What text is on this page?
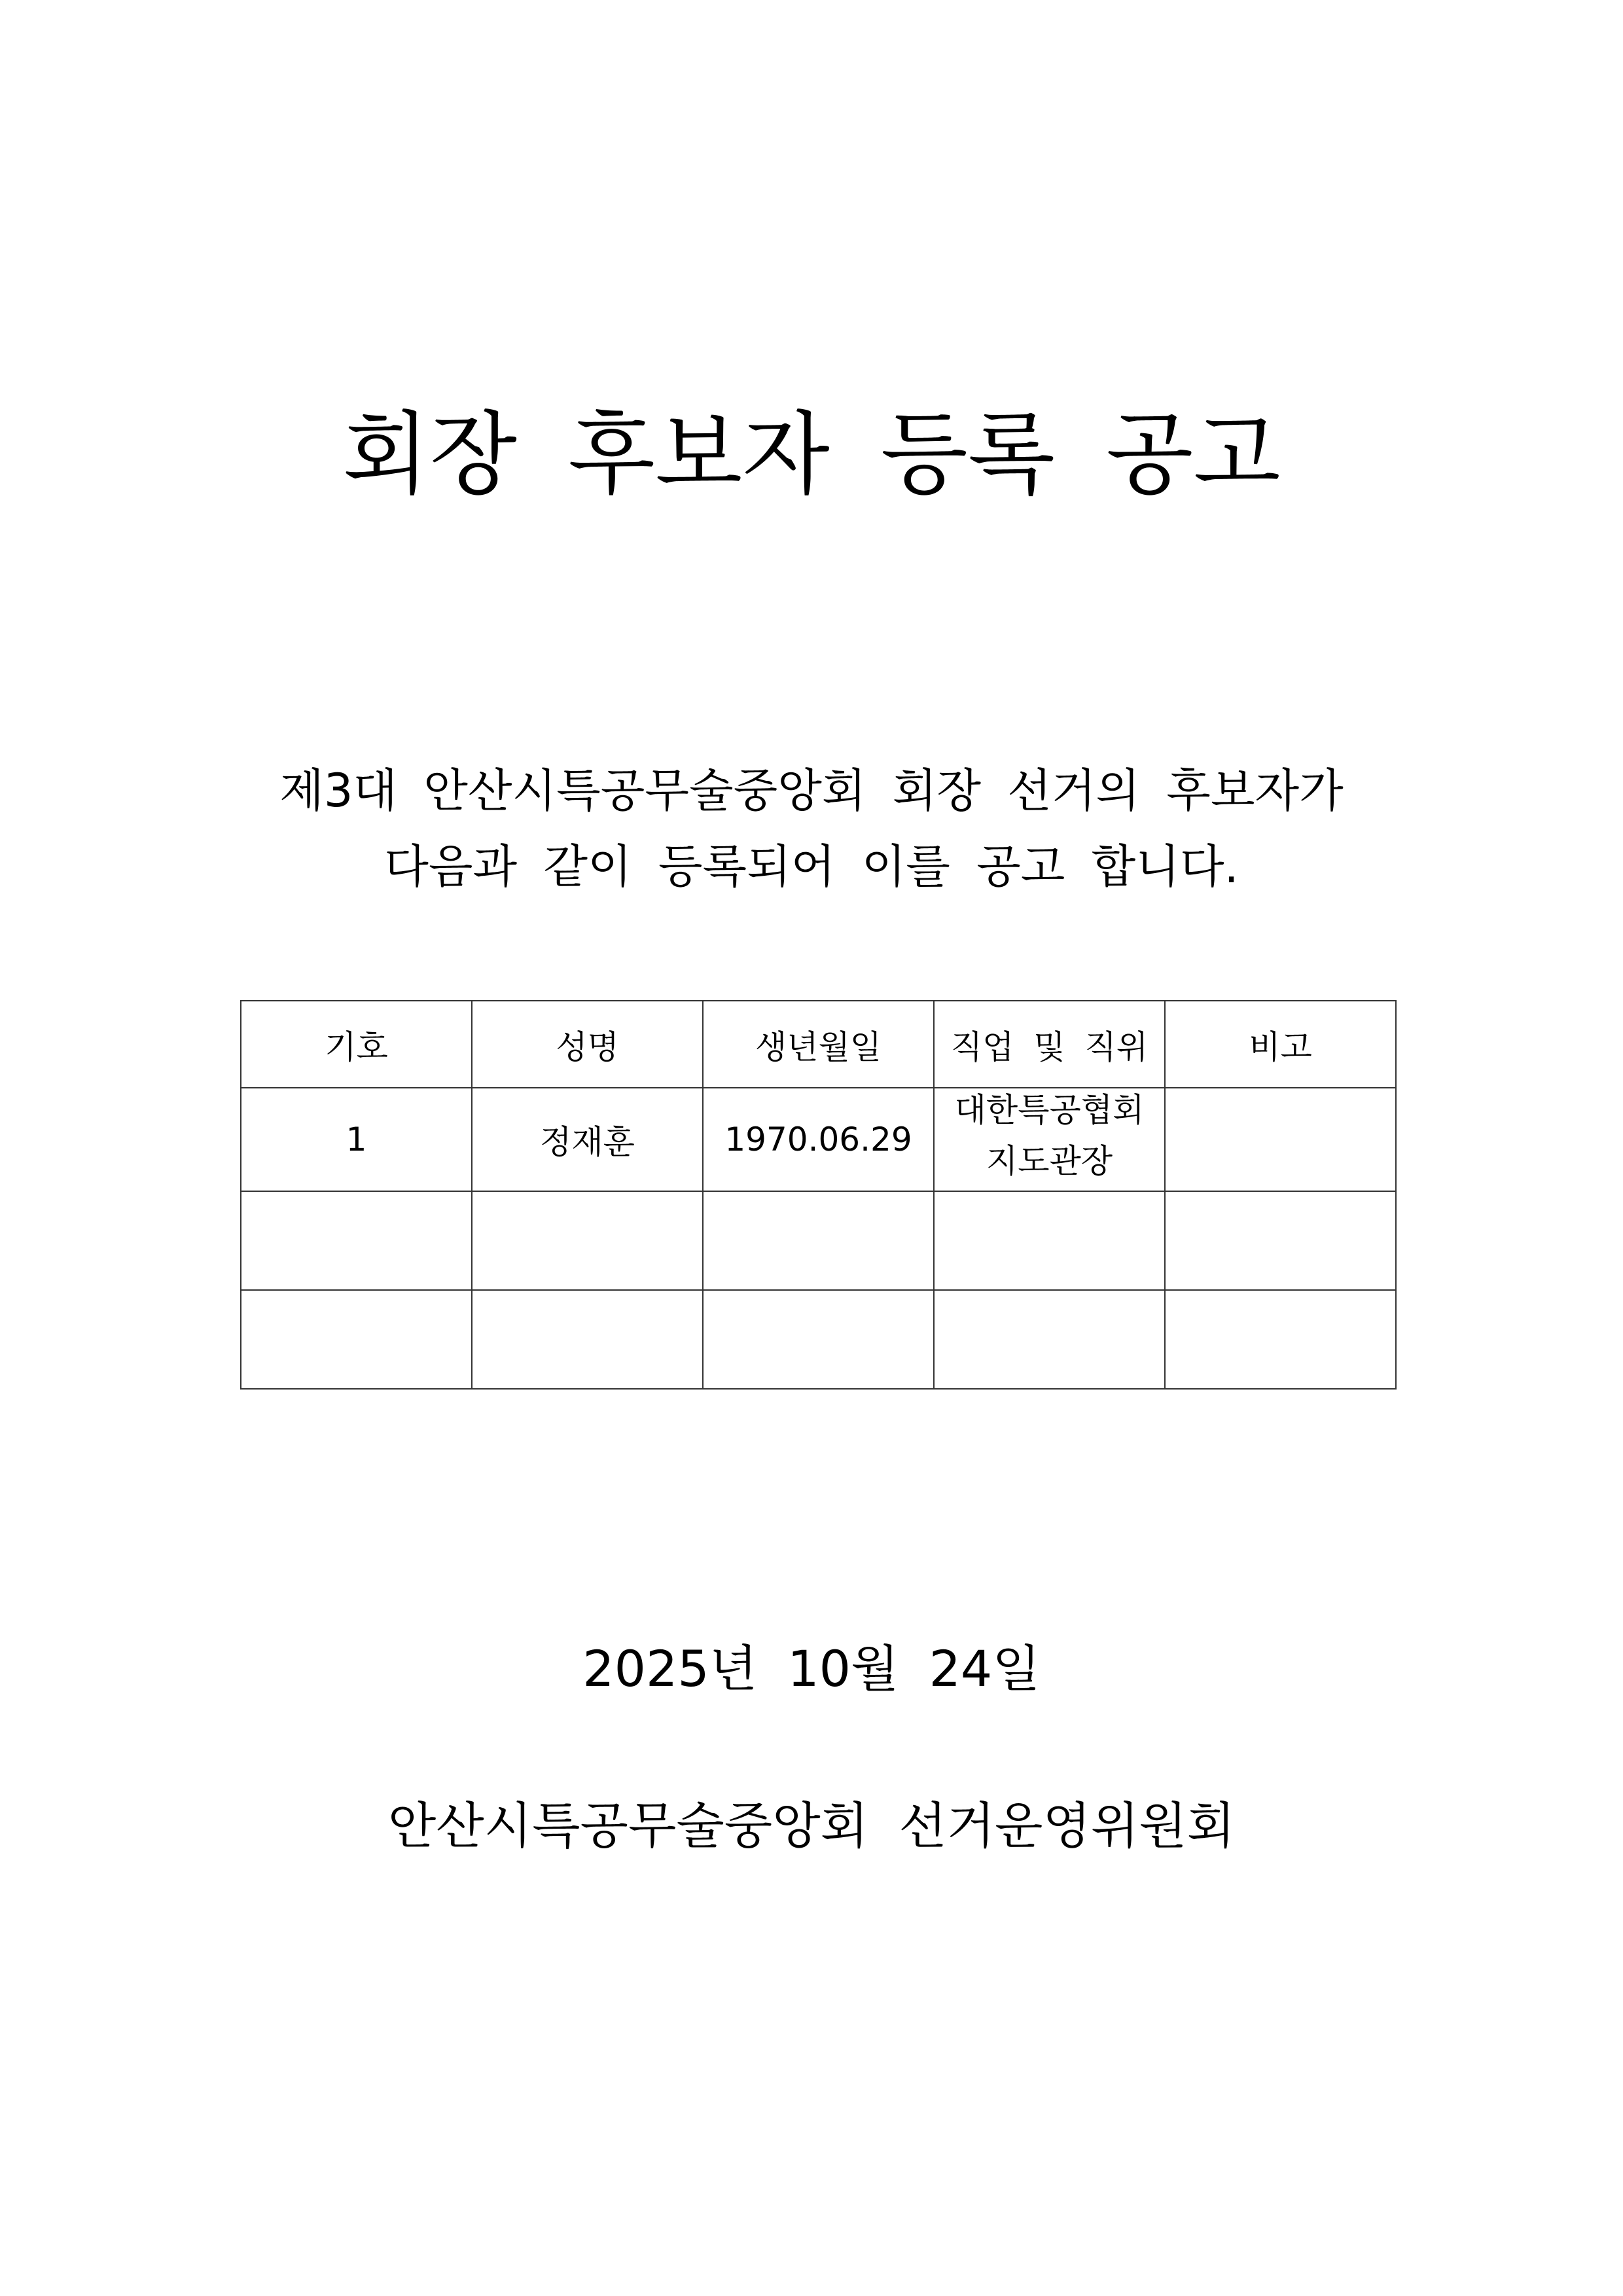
회장 후보자 등록 공고
제3대 안산시특공무술중앙회 회장 선거의 후보자가
다음과 같이 등록되어 이를 공고 합니다.
기호	성명	생년월일	직업 및 직위	비고
1	정재훈	1970.06.29	대한특공협회
지도관장	

2025년 10월 24일
안산시특공무술중앙회 선거운영위원회
